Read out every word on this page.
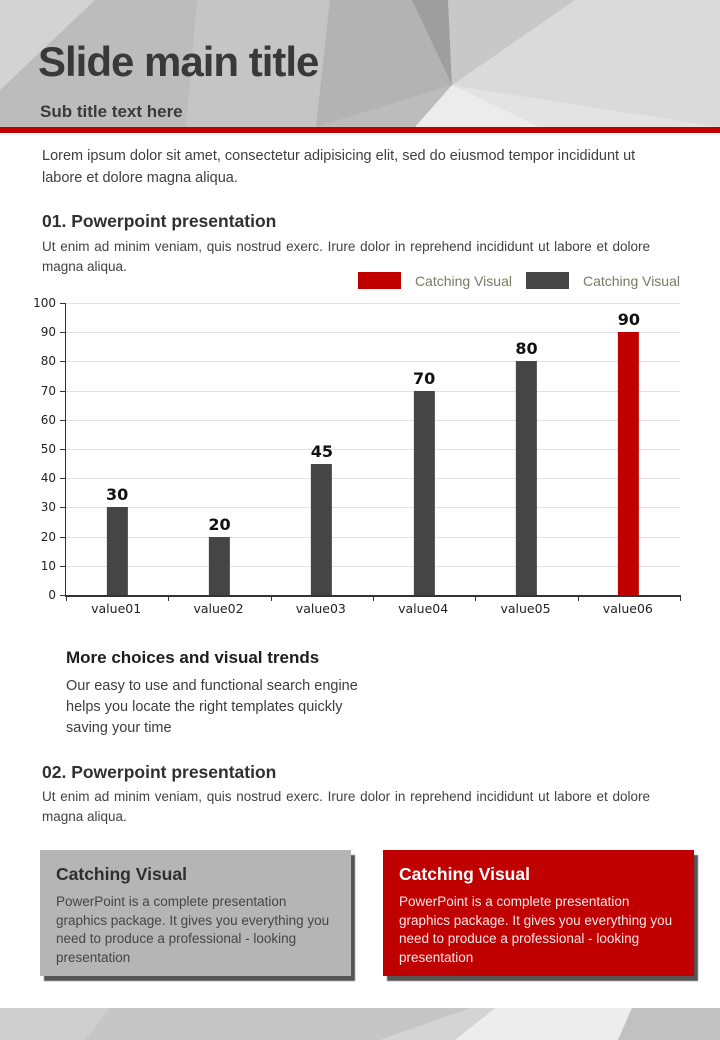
Slide main title
Sub title text here

Lorem ipsum dolor sit amet, consectetur adipisicing elit, sed do eiusmod tempor incididunt ut labore et dolore magna aliqua.

01. Powerpoint presentation

Ut enim ad minim veniam, quis nostrud exerc. Irure dolor in reprehend incididunt ut labore et dolore magna aliqua.

Catching Visual	Catching Visual
0
10
20
30
40
50
60
70
80
90
100
30
20
45
70
80
90
value01	value02	value03	value04	value05	value06
More choices and visual trends

Our easy to use and functional search engine helps you locate the right templates quickly saving your time

02. Powerpoint presentation

Ut enim ad minim veniam, quis nostrud exerc. Irure dolor in reprehend incididunt ut labore et dolore magna aliqua.

Catching Visual

PowerPoint is a complete presentation graphics package. It gives you everything you need to produce a professional - looking presentation

Catching Visual

PowerPoint is a complete presentation graphics package. It gives you everything you need to produce a professional - looking presentation
